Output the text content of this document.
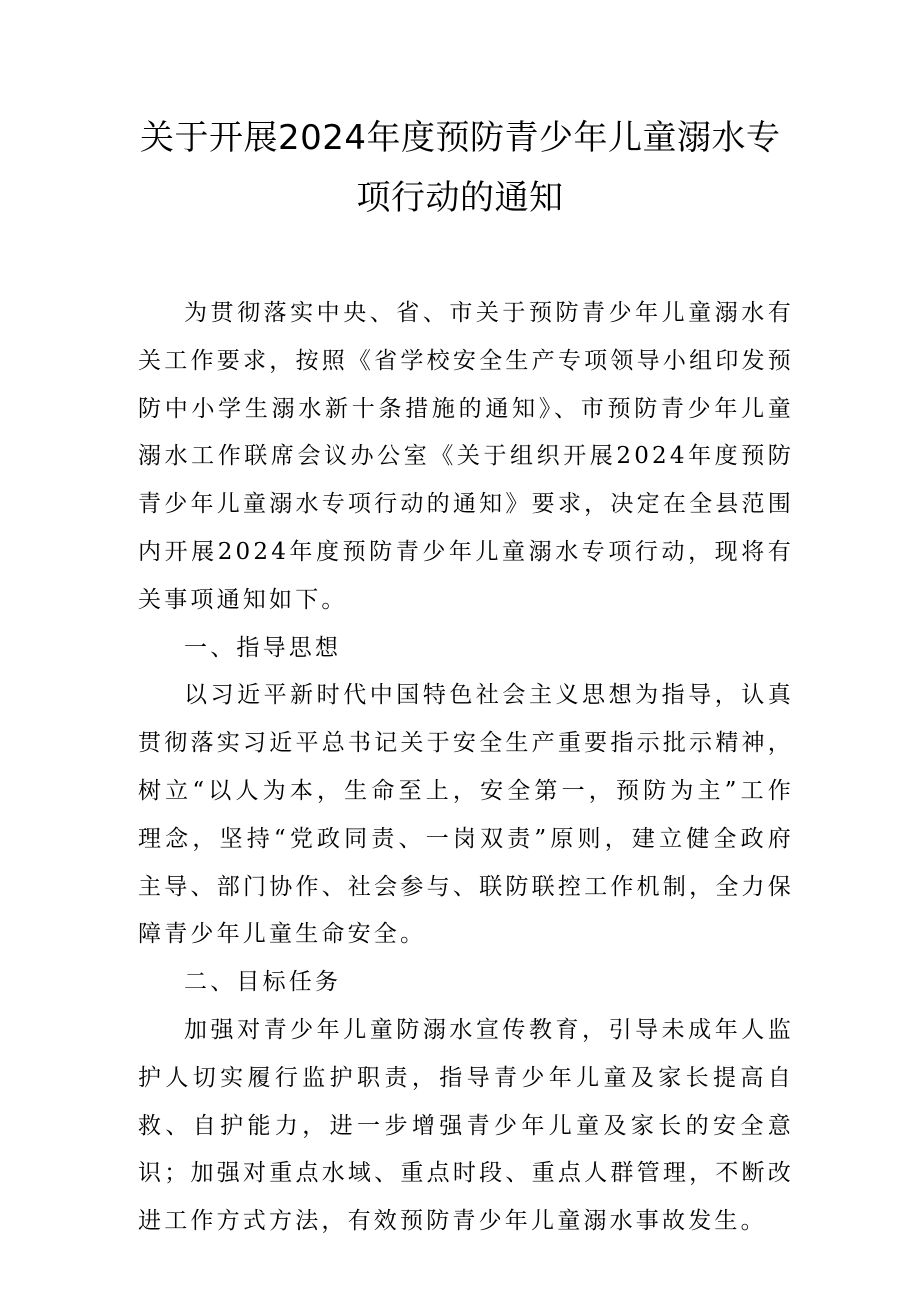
关于开展2024年度预防青少年儿童溺水专
项行动的通知

为贯彻落实中央、省、市关于预防青少年儿童溺水有关工作要求，按照《省学校安全生产专项领导小组印发预防中小学生溺水新十条措施的通知》、市预防青少年儿童溺水工作联席会议办公室《关于组织开展2024年度预防青少年儿童溺水专项行动的通知》要求，决定在全县范围内开展2024年度预防青少年儿童溺水专项行动，现将有关事项通知如下。

一、指导思想

以习近平新时代中国特色社会主义思想为指导，认真贯彻落实习近平总书记关于安全生产重要指示批示精神，树立“以人为本，生命至上，安全第一，预防为主”工作理念，坚持“党政同责、一岗双责”原则，建立健全政府主导、部门协作、社会参与、联防联控工作机制，全力保障青少年儿童生命安全。

二、目标任务

加强对青少年儿童防溺水宣传教育，引导未成年人监护人切实履行监护职责，指导青少年儿童及家长提高自救、自护能力，进一步增强青少年儿童及家长的安全意识；加强对重点水域、重点时段、重点人群管理，不断改进工作方式方法，有效预防青少年儿童溺水事故发生。
